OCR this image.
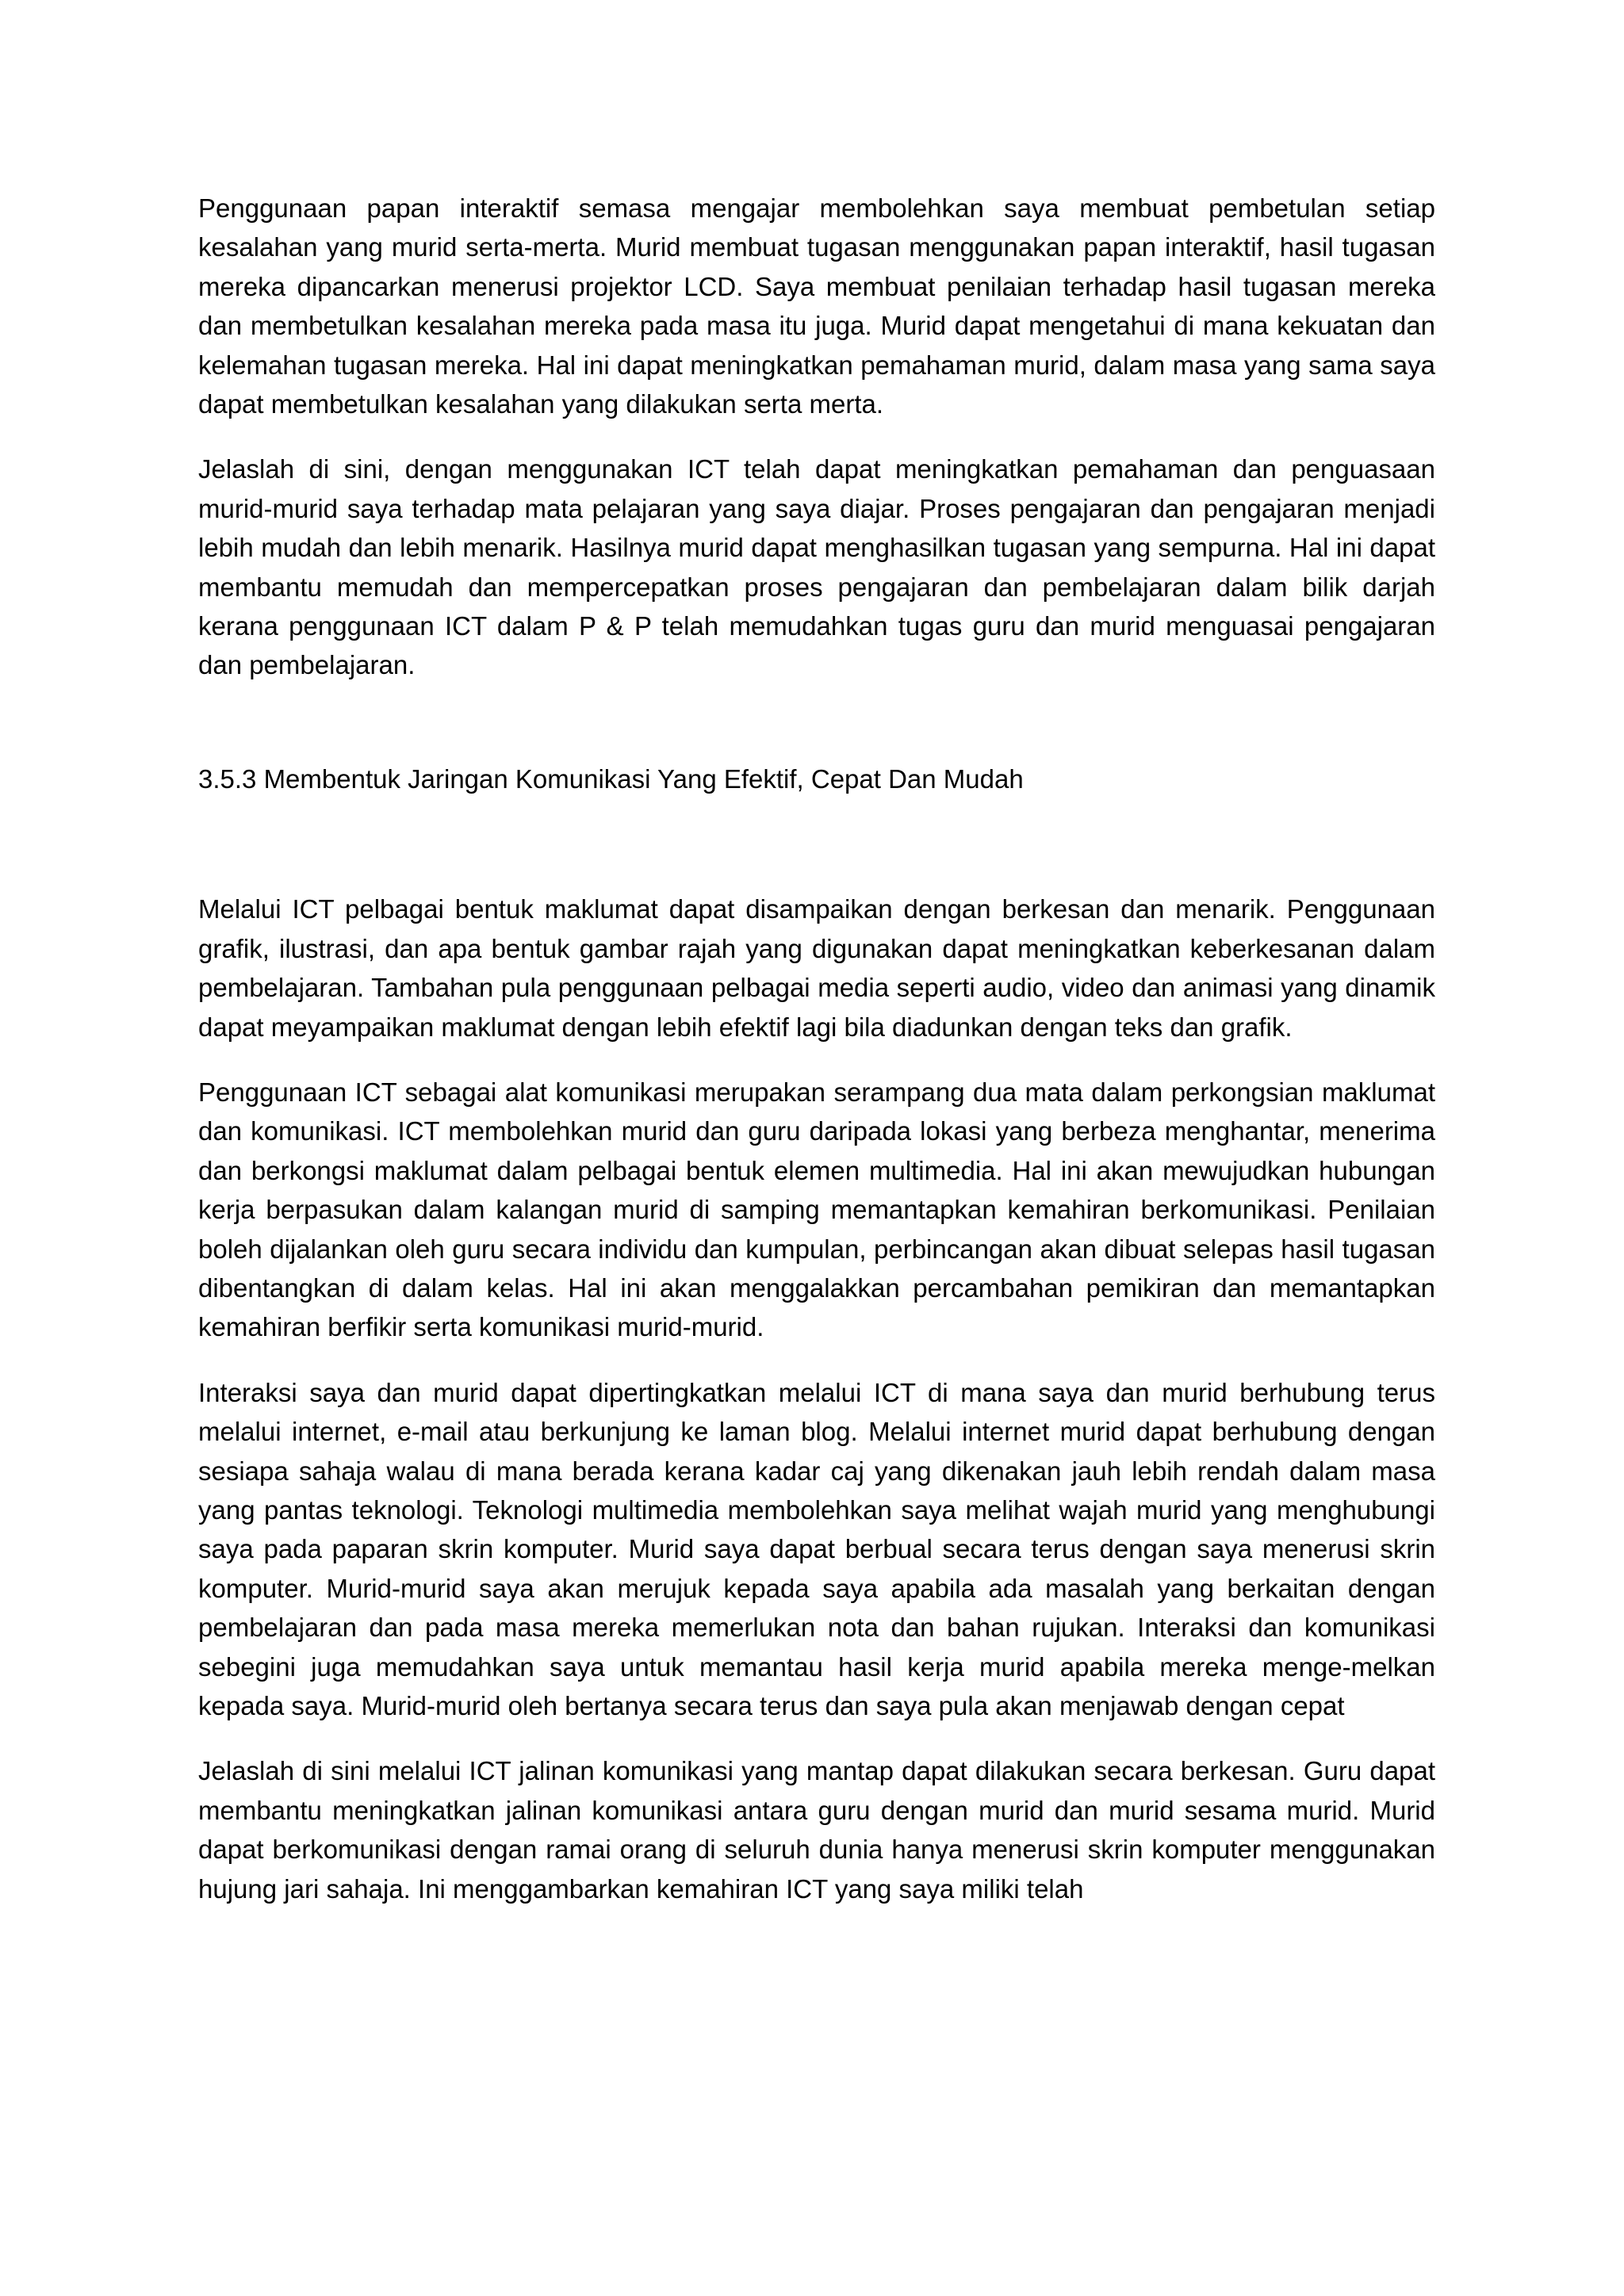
Penggunaan papan interaktif semasa mengajar membolehkan saya membuat pembetulan setiap kesalahan yang murid serta-merta. Murid membuat tugasan menggunakan papan interaktif, hasil tugasan mereka dipancarkan menerusi projektor LCD. Saya membuat penilaian terhadap hasil tugasan mereka dan membetulkan kesalahan mereka pada masa itu juga. Murid dapat mengetahui di mana kekuatan dan kelemahan tugasan mereka. Hal ini dapat meningkatkan pemahaman murid, dalam masa yang sama saya dapat membetulkan kesalahan yang dilakukan serta merta.

Jelaslah di sini, dengan menggunakan ICT telah dapat meningkatkan pemahaman dan penguasaan murid-murid saya terhadap mata pelajaran yang saya diajar. Proses pengajaran dan pengajaran menjadi lebih mudah dan lebih menarik. Hasilnya murid dapat menghasilkan tugasan yang sempurna. Hal ini dapat membantu memudah dan mempercepatkan proses pengajaran dan pembelajaran dalam bilik darjah kerana penggunaan ICT dalam P & P telah memudahkan tugas guru dan murid menguasai pengajaran dan pembelajaran.

3.5.3 Membentuk Jaringan Komunikasi Yang Efektif, Cepat Dan Mudah

Melalui ICT pelbagai bentuk maklumat dapat disampaikan dengan berkesan dan menarik. Penggunaan grafik, ilustrasi, dan apa bentuk gambar rajah yang digunakan dapat meningkatkan keberkesanan dalam pembelajaran. Tambahan pula penggunaan pelbagai media seperti audio, video dan animasi yang dinamik dapat meyampaikan maklumat dengan lebih efektif lagi bila diadunkan dengan teks dan grafik.

Penggunaan ICT sebagai alat komunikasi merupakan serampang dua mata dalam perkongsian maklumat dan komunikasi. ICT membolehkan murid dan guru daripada lokasi yang berbeza menghantar, menerima dan berkongsi maklumat dalam pelbagai bentuk elemen multimedia. Hal ini akan mewujudkan hubungan kerja berpasukan dalam kalangan murid di samping memantapkan kemahiran berkomunikasi. Penilaian boleh dijalankan oleh guru secara individu dan kumpulan, perbincangan akan dibuat selepas hasil tugasan dibentangkan di dalam kelas. Hal ini akan menggalakkan percambahan pemikiran dan memantapkan kemahiran berfikir serta komunikasi murid-murid.

Interaksi saya dan murid dapat dipertingkatkan melalui ICT di mana saya dan murid berhubung terus melalui internet, e-mail atau berkunjung ke laman blog. Melalui internet murid dapat berhubung dengan sesiapa sahaja walau di mana berada kerana kadar caj yang dikenakan jauh lebih rendah dalam masa yang pantas teknologi. Teknologi multimedia membolehkan saya melihat wajah murid yang menghubungi saya pada paparan skrin komputer. Murid saya dapat berbual secara terus dengan saya menerusi skrin komputer. Murid-murid saya akan merujuk kepada saya apabila ada masalah yang berkaitan dengan pembelajaran dan pada masa mereka memerlukan nota dan bahan rujukan. Interaksi dan komunikasi sebegini juga memudahkan saya untuk memantau hasil kerja murid apabila mereka menge-melkan kepada saya. Murid-murid oleh bertanya secara terus dan saya pula akan menjawab dengan cepat

Jelaslah di sini melalui ICT jalinan komunikasi yang mantap dapat dilakukan secara berkesan. Guru dapat membantu meningkatkan jalinan komunikasi antara guru dengan murid dan murid sesama murid. Murid dapat berkomunikasi dengan ramai orang di seluruh dunia hanya menerusi skrin komputer menggunakan hujung jari sahaja. Ini menggambarkan kemahiran ICT yang saya miliki telah
